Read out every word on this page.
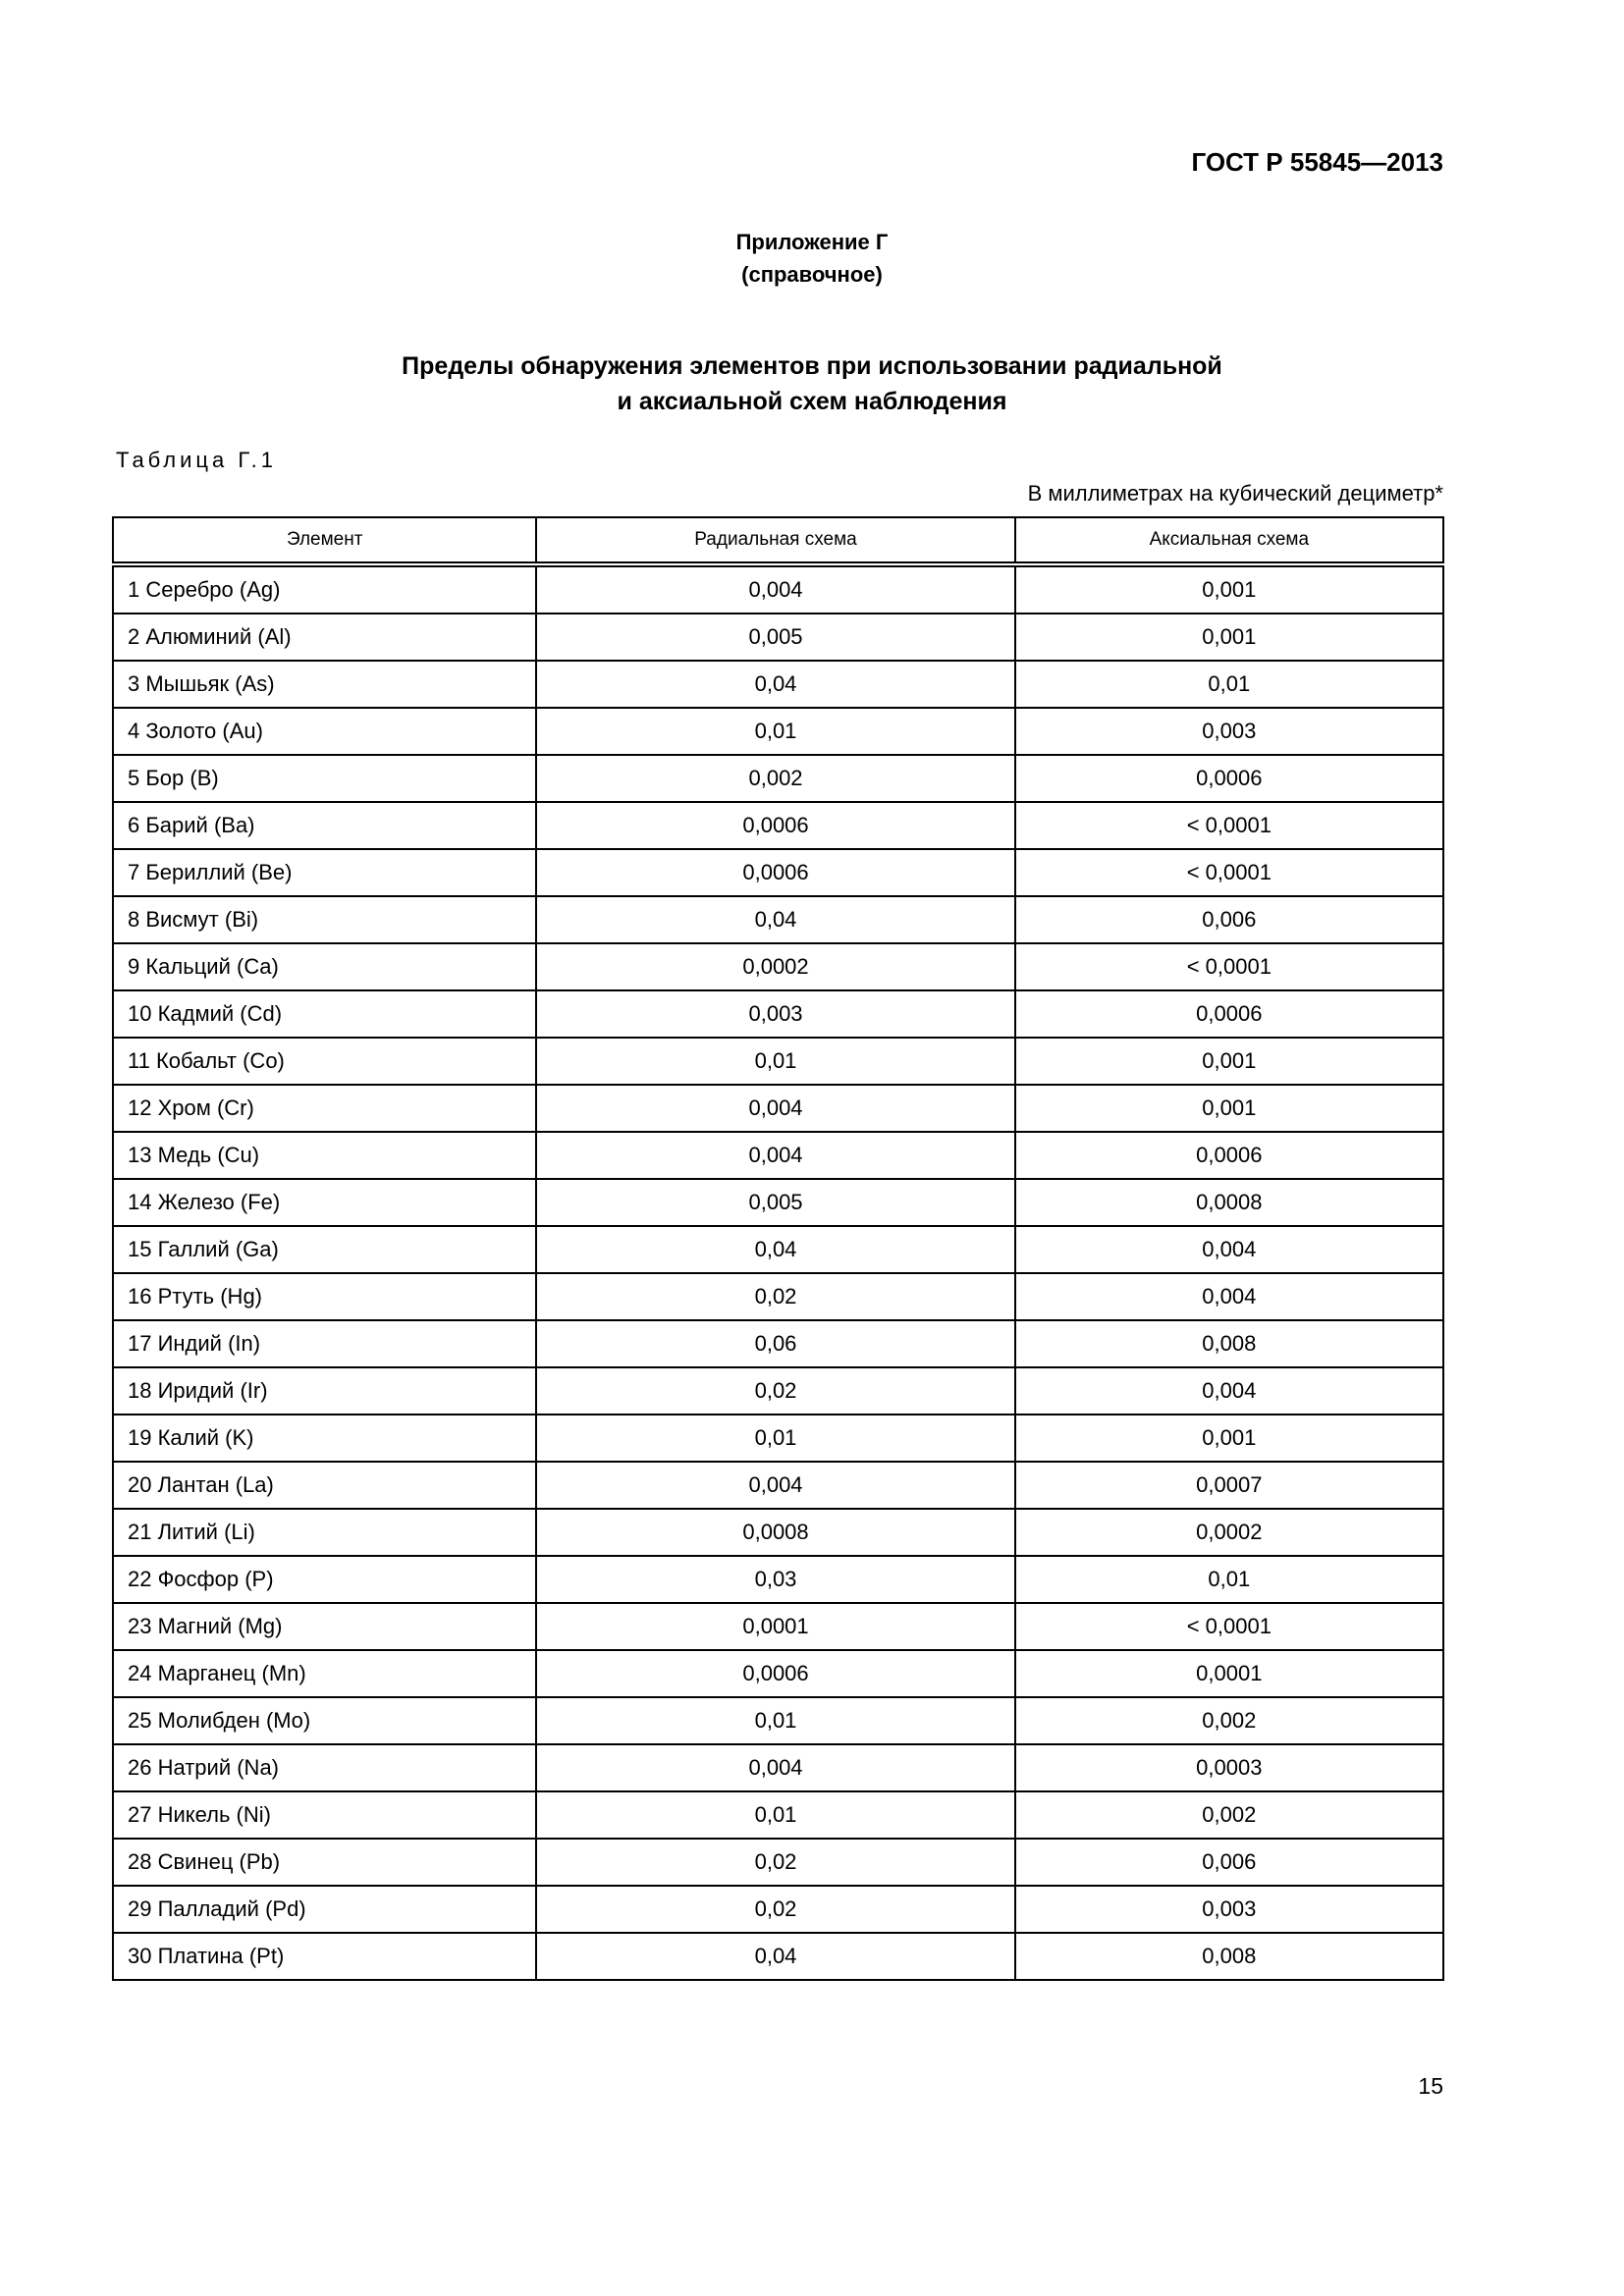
ГОСТ Р 55845—2013
Приложение Г
(справочное)
Пределы обнаружения элементов при использовании радиальной
и аксиальной схем наблюдения
Таблица Г.1
В миллиметрах на кубический дециметр*
Элемент	Радиальная схема	Аксиальная схема
1 Серебро (Ag)	0,004	0,001
2 Алюминий (Al)	0,005	0,001
3 Мышьяк (As)	0,04	0,01
4 Золото (Au)	0,01	0,003
5 Бор (B)	0,002	0,0006
6 Барий (Ba)	0,0006	< 0,0001
7 Бериллий (Be)	0,0006	< 0,0001
8 Висмут (Bi)	0,04	0,006
9 Кальций (Ca)	0,0002	< 0,0001
10 Кадмий (Cd)	0,003	0,0006
11 Кобальт (Co)	0,01	0,001
12 Хром (Cr)	0,004	0,001
13 Медь (Cu)	0,004	0,0006
14 Железо (Fe)	0,005	0,0008
15 Галлий (Ga)	0,04	0,004
16 Ртуть (Hg)	0,02	0,004
17 Индий (In)	0,06	0,008
18 Иридий (Ir)	0,02	0,004
19 Калий (K)	0,01	0,001
20 Лантан (La)	0,004	0,0007
21 Литий (Li)	0,0008	0,0002
22 Фосфор (P)	0,03	0,01
23 Магний (Mg)	0,0001	< 0,0001
24 Марганец (Mn)	0,0006	0,0001
25 Молибден (Mo)	0,01	0,002
26 Натрий (Na)	0,004	0,0003
27 Никель (Ni)	0,01	0,002
28 Свинец (Pb)	0,02	0,006
29 Палладий (Pd)	0,02	0,003
30 Платина (Pt)	0,04	0,008
15
